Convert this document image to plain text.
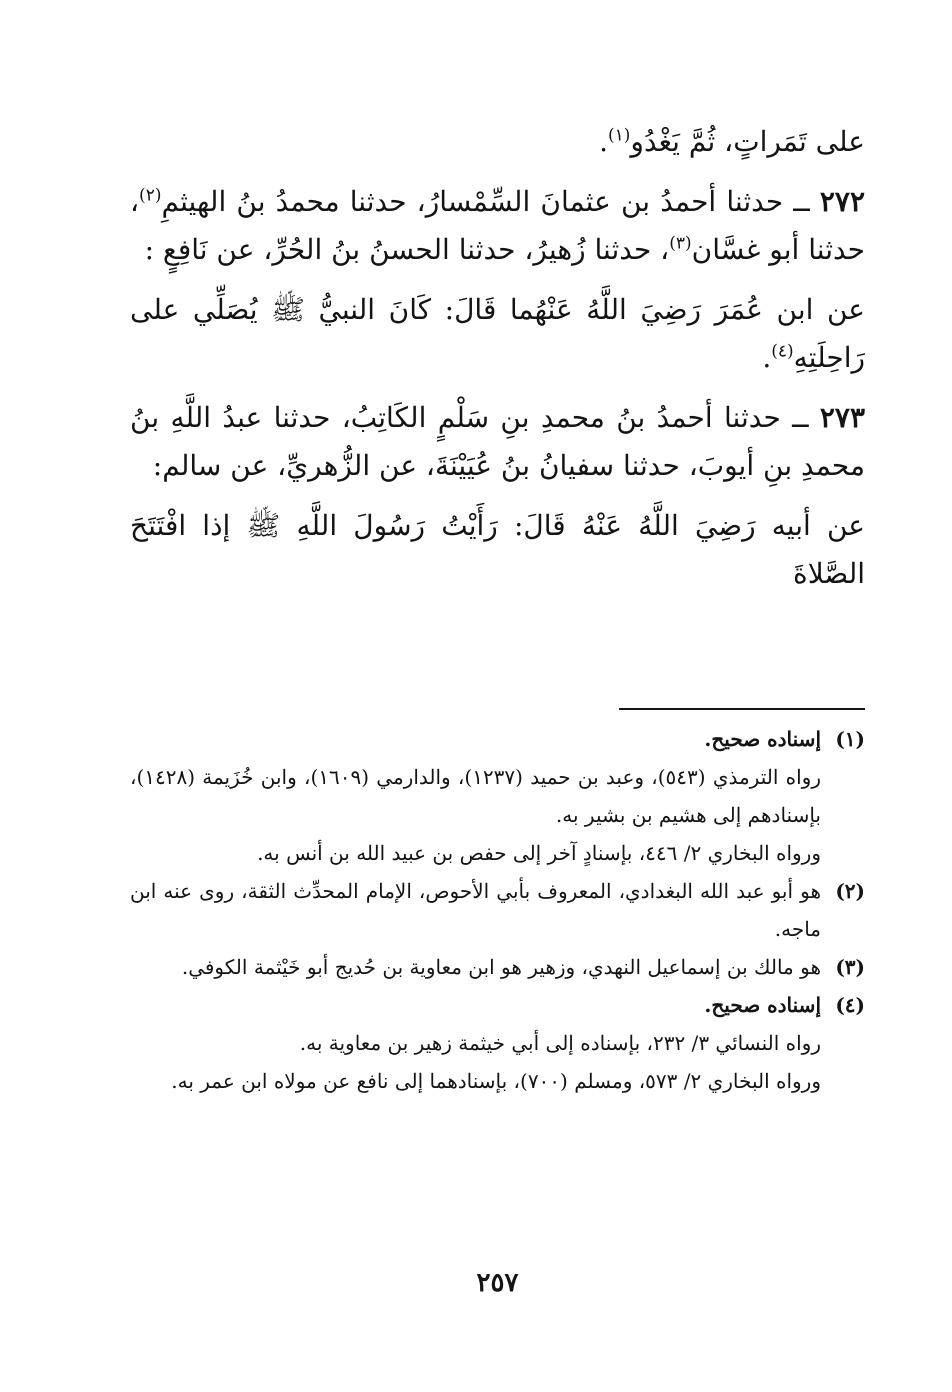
على تَمَراتٍ، ثُمَّ يَغْدُو$^{(١)}$.

٢٧٢ ــ حدثنا أحمدُ بن عثمانَ السِّمْسارُ، حدثنا محمدُ بنُ الهيثمِ$^{(٢)}$، حدثنا أبو غسَّان$^{(٣)}$، حدثنا زُهيرُ، حدثنا الحسنُ بنُ الحُرِّ، عن نَافِعٍ :

عن ابن عُمَرَ رَضِيَ اللَّهُ عَنْهُما قَالَ: كَانَ النبيُّ ﷺ يُصَلِّي على رَاحِلَتِهِ$^{(٤)}$.

٢٧٣ ــ حدثنا أحمدُ بنُ محمدِ بنِ سَلْمٍ الكَاتِبُ، حدثنا عبدُ اللَّهِ بنُ محمدِ بنِ أيوبَ، حدثنا سفيانُ بنُ عُيَيْنَةَ، عن الزُّهريِّ، عن سالم:

عن أبيه رَضِيَ اللَّهُ عَنْهُ قَالَ: رَأَيْتُ رَسُولَ اللَّهِ ﷺ إذا افْتَتَحَ الصَّلاةَ

(١)
إسناده صحيح.
رواه الترمذي (٥٤٣)، وعبد بن حميد (١٢٣٧)، والدارمي (١٦٠٩)، وابن خُزَيمة (١٤٢٨)، بإسنادهم إلى هشيم بن بشير به.
ورواه البخاري ٢/ ٤٤٦، بإسنادٍ آخر إلى حفص بن عبيد الله بن أنس به.
(٢)
هو أبو عبد الله البغدادي، المعروف بأبي الأحوص، الإمام المحدِّث الثقة، روى عنه ابن ماجه.
(٣)
هو مالك بن إسماعيل النهدي، وزهير هو ابن معاوية بن حُديج أبو خَيْثمة الكوفي.
(٤)
إسناده صحيح.
رواه النسائي ٣/ ٢٣٢، بإسناده إلى أبي خيثمة زهير بن معاوية به.
ورواه البخاري ٢/ ٥٧٣، ومسلم (٧٠٠)، بإسنادهما إلى نافع عن مولاه ابن عمر به.
٢٥٧
